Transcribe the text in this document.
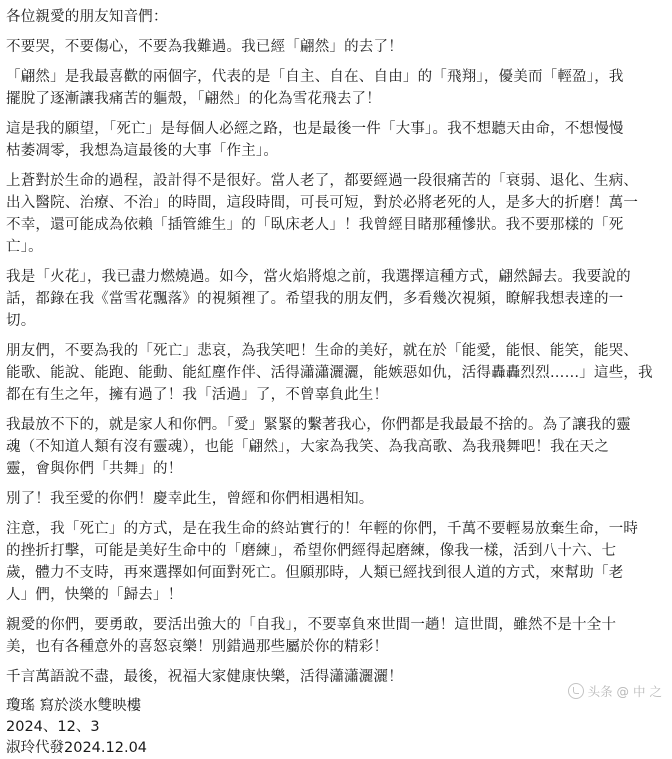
各位親愛的朋友知音們：
不要哭，不要傷心，不要為我難過。我已經「翩然」的去了！
「翩然」是我最喜歡的兩個字，代表的是「自主、自在、自由」的「飛翔」，優美而「輕盈」，我
擺脫了逐漸讓我痛苦的軀殼，「翩然」的化為雪花飛去了！
這是我的願望，「死亡」是每個人必經之路，也是最後一件「大事」。我不想聽天由命，不想慢慢
枯萎凋零，我想為這最後的大事「作主」。
上蒼對於生命的過程，設計得不是很好。當人老了，都要經過一段很痛苦的「衰弱、退化、生病、
出入醫院、治療、不治」的時間，這段時間，可長可短，對於必將老死的人，是多大的折磨！萬一
不幸，還可能成為依賴「插管維生」的「臥床老人」！我曾經目睹那種慘狀。我不要那樣的「死
亡」。
我是「火花」，我已盡力燃燒過。如今，當火焰將熄之前，我選擇這種方式，翩然歸去。我要說的
話，都錄在我《當雪花飄落》的視頻裡了。希望我的朋友們，多看幾次視頻，瞭解我想表達的一
切。
朋友們，不要為我的「死亡」悲哀，為我笑吧！生命的美好，就在於「能愛，能恨、能笑，能哭、
能歌、能說、能跑、能動、能紅塵作伴、活得瀟瀟灑灑，能嫉惡如仇，活得轟轟烈烈……」這些，我
都在有生之年，擁有過了！我「活過」了，不曾辜負此生！
我最放不下的，就是家人和你們。「愛」緊緊的繫著我心，你們都是我最最不捨的。為了讓我的靈
魂（不知道人類有沒有靈魂），也能「翩然」，大家為我笑、為我高歌、為我飛舞吧！我在天之
靈，會與你們「共舞」的！
別了！我至愛的你們！慶幸此生，曾經和你們相遇相知。
注意，我「死亡」的方式，是在我生命的終站實行的！年輕的你們，千萬不要輕易放棄生命，一時
的挫折打擊，可能是美好生命中的「磨練」，希望你們經得起磨練，像我一樣，活到八十六、七
歲，體力不支時，再來選擇如何面對死亡。但願那時，人類已經找到很人道的方式，來幫助「老
人」們，快樂的「歸去」！
親愛的你們，要勇敢，要活出強大的「自我」，不要辜負來世間一趟！這世間，雖然不是十全十
美，也有各種意外的喜怒哀樂！別錯過那些屬於你的精彩！
千言萬語說不盡，最後，祝福大家健康快樂，活得瀟瀟灑灑！
瓊瑤 寫於淡水雙映樓
2024、12、3
淑玲代發2024.12.04
头条 @ 中 之
